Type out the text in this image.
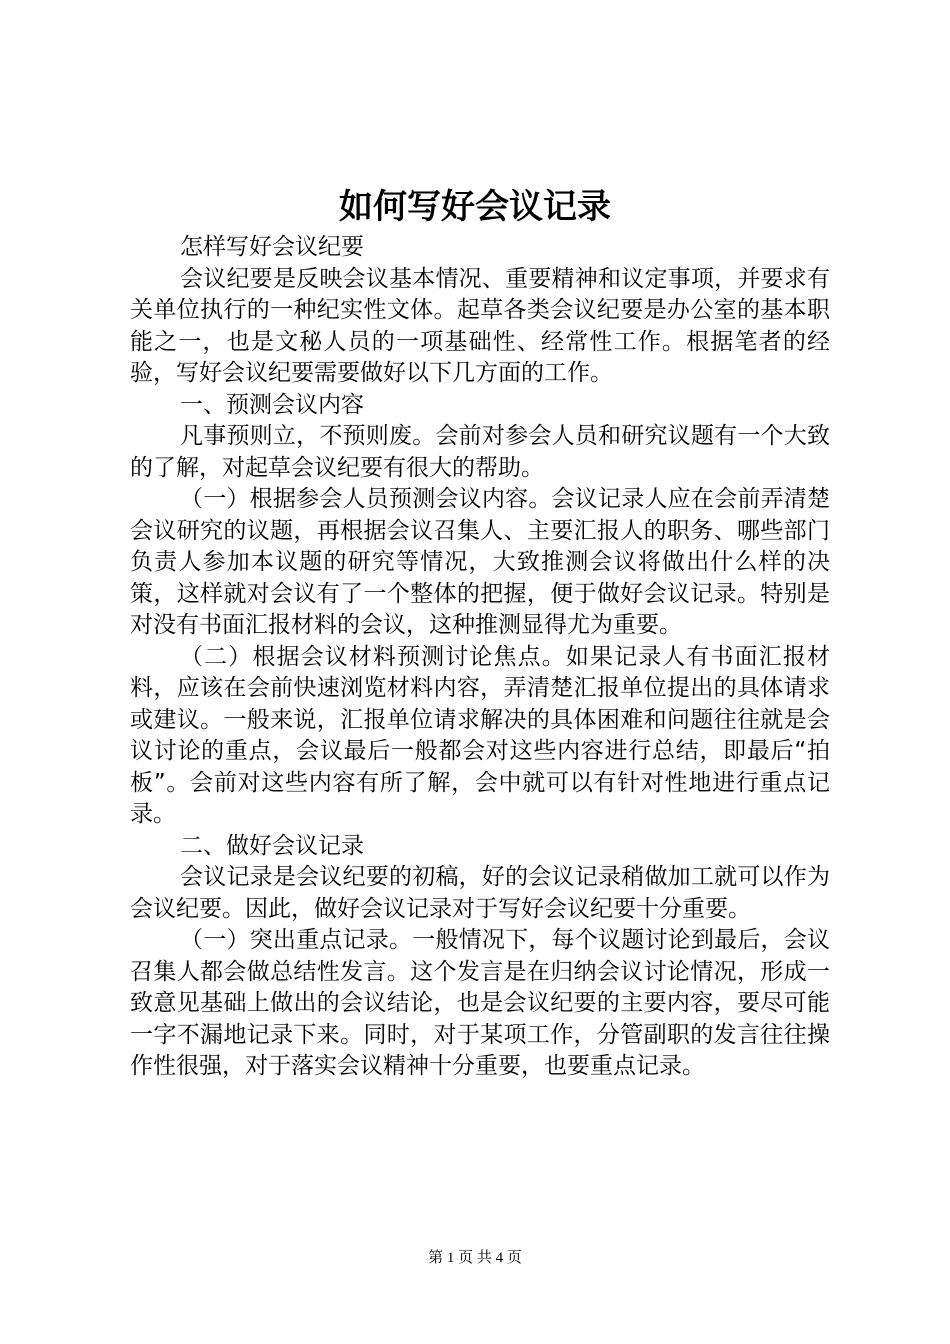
如何写好会议记录

怎样写好会议纪要

会议纪要是反映会议基本情况、重要精神和议定事项，并要求有关单位执行的一种纪实性文体。起草各类会议纪要是办公室的基本职能之一，也是文秘人员的一项基础性、经常性工作。根据笔者的经验，写好会议纪要需要做好以下几方面的工作。

一、预测会议内容

凡事预则立，不预则废。会前对参会人员和研究议题有一个大致的了解，对起草会议纪要有很大的帮助。

（一）根据参会人员预测会议内容。会议记录人应在会前弄清楚会议研究的议题，再根据会议召集人、主要汇报人的职务、哪些部门负责人参加本议题的研究等情况，大致推测会议将做出什么样的决策，这样就对会议有了一个整体的把握，便于做好会议记录。特别是对没有书面汇报材料的会议，这种推测显得尤为重要。

（二）根据会议材料预测讨论焦点。如果记录人有书面汇报材料，应该在会前快速浏览材料内容，弄清楚汇报单位提出的具体请求或建议。一般来说，汇报单位请求解决的具体困难和问题往往就是会议讨论的重点，会议最后一般都会对这些内容进行总结，即最后“拍板”。会前对这些内容有所了解，会中就可以有针对性地进行重点记录。

二、做好会议记录

会议记录是会议纪要的初稿，好的会议记录稍做加工就可以作为会议纪要。因此，做好会议记录对于写好会议纪要十分重要。

（一）突出重点记录。一般情况下，每个议题讨论到最后，会议召集人都会做总结性发言。这个发言是在归纳会议讨论情况，形成一致意见基础上做出的会议结论，也是会议纪要的主要内容，要尽可能一字不漏地记录下来。同时，对于某项工作，分管副职的发言往往操作性很强，对于落实会议精神十分重要，也要重点记录。

第 1 页 共 4 页
